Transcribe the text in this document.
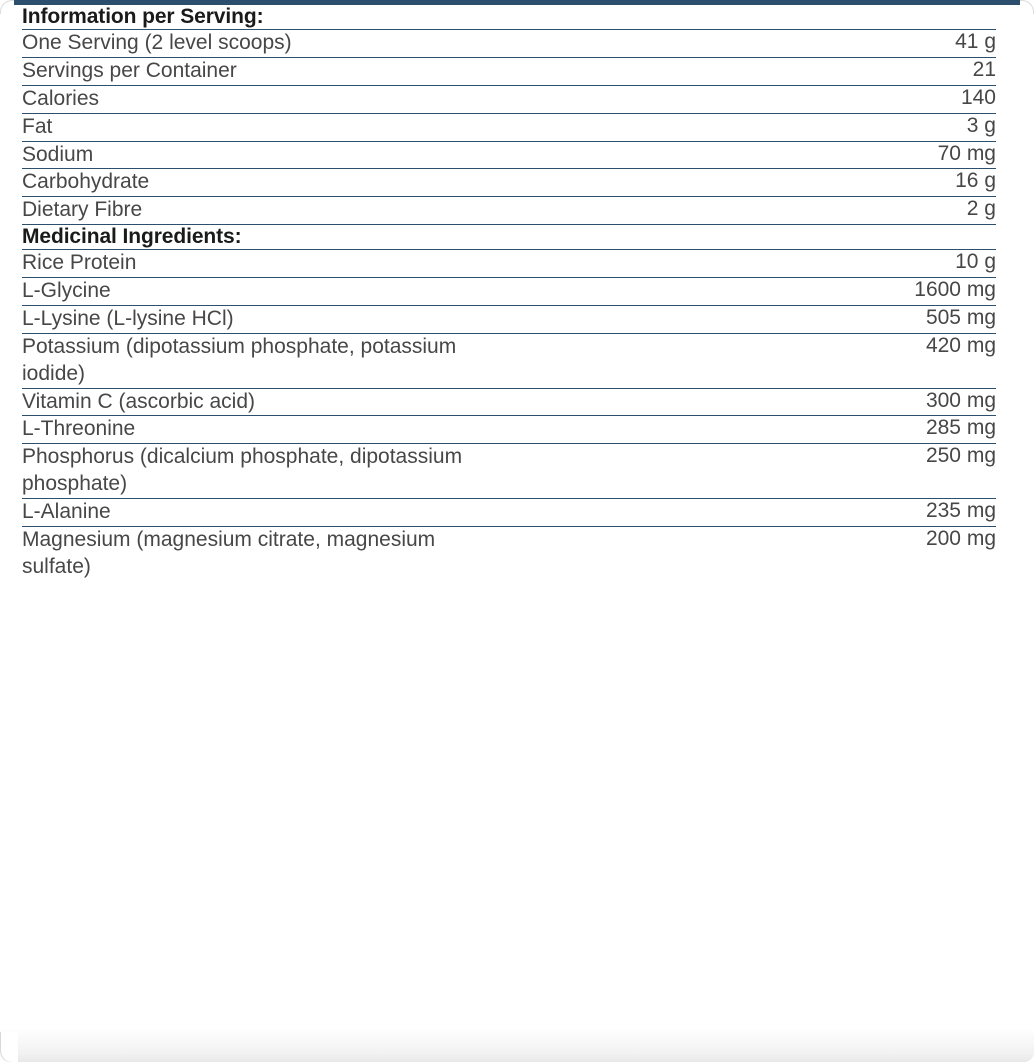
Information per Serving:	
One Serving (2 level scoops)	41 g
Servings per Container	21
Calories	140
Fat	3 g
Sodium	70 mg
Carbohydrate	16 g
Dietary Fibre	2 g
Medicinal Ingredients:	
Rice Protein	10 g
L-Glycine	1600 mg
L-Lysine (L-lysine HCl)	505 mg
Potassium (dipotassium phosphate, potassium iodide)	420 mg
Vitamin C (ascorbic acid)	300 mg
L-Threonine	285 mg
Phosphorus (dicalcium phosphate, dipotassium phosphate)	250 mg
L-Alanine	235 mg
Magnesium (magnesium citrate, magnesium sulfate)	200 mg
